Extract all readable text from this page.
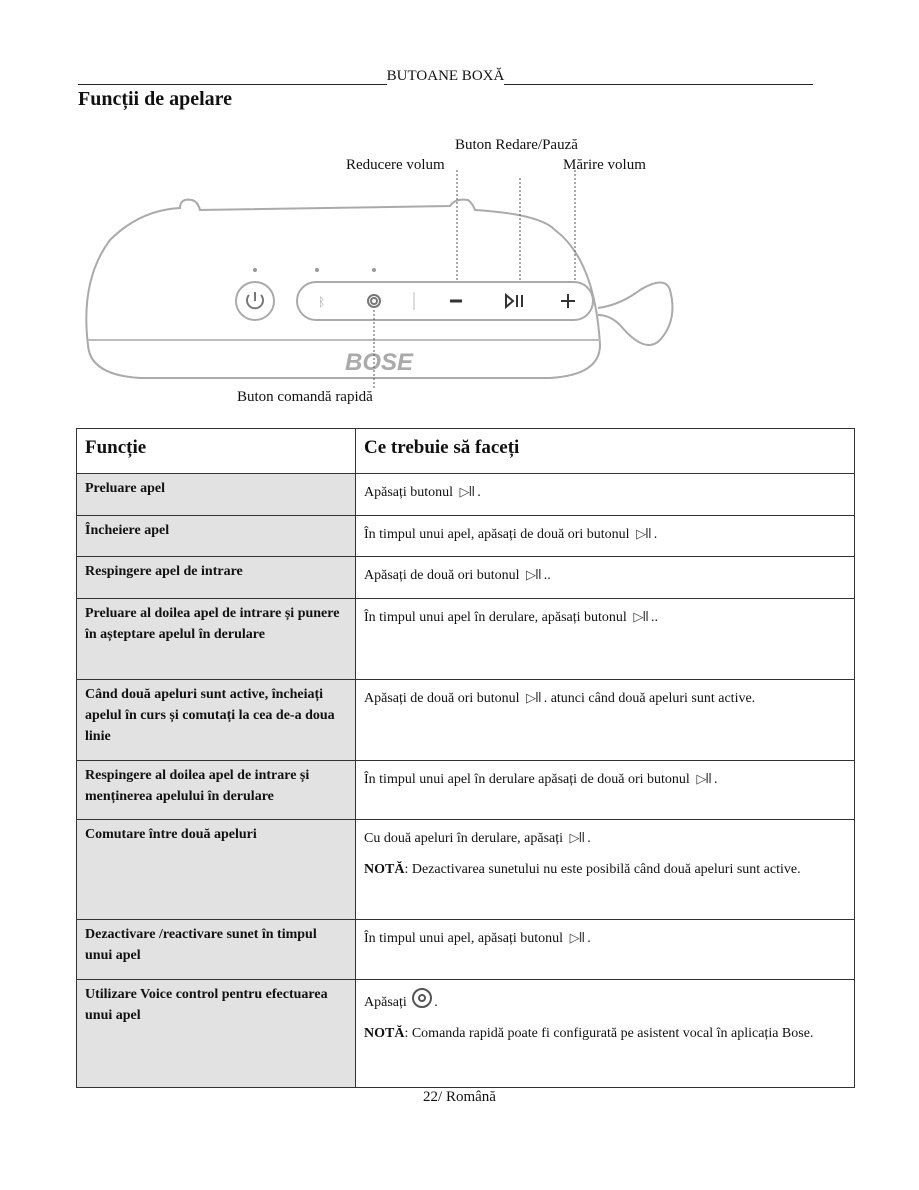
BUTOANE BOXĂ
Funcții de apelare
Buton Redare/Pauză
Reducere volum	Mărire volum
Buton comandă rapidă
ᛒ
BOSE
Funcție	Ce trebuie să faceți
Preluare apel	Apăsați butonul ▷II .
Încheiere apel	În timpul unui apel, apăsați de două ori butonul ▷II .
Respingere apel de intrare	Apăsați de două ori butonul ▷II ..
Preluare al doilea apel de intrare și punere în așteptare apelul în derulare	În timpul unui apel în derulare, apăsați butonul ▷II ..
Când două apeluri sunt active, încheiați apelul în curs și comutați la cea de-a doua linie	Apăsați de două ori butonul ▷II . atunci când două apeluri sunt active.
Respingere al doilea apel de intrare și menținerea apelului în derulare	În timpul unui apel în derulare apăsați de două ori butonul ▷II .
Comutare între două apeluri	Cu două apeluri în derulare, apăsați ▷II .
NOTĂ: Dezactivarea sunetului nu este posibilă când două apeluri sunt active.

Dezactivare /reactivare sunet în timpul unui apel	În timpul unui apel, apăsați butonul ▷II .
Utilizare Voice control pentru efectuarea unui apel	Apăsați .
NOTĂ: Comanda rapidă poate fi configurată pe asistent vocal în aplicația Bose.
22/ Română
